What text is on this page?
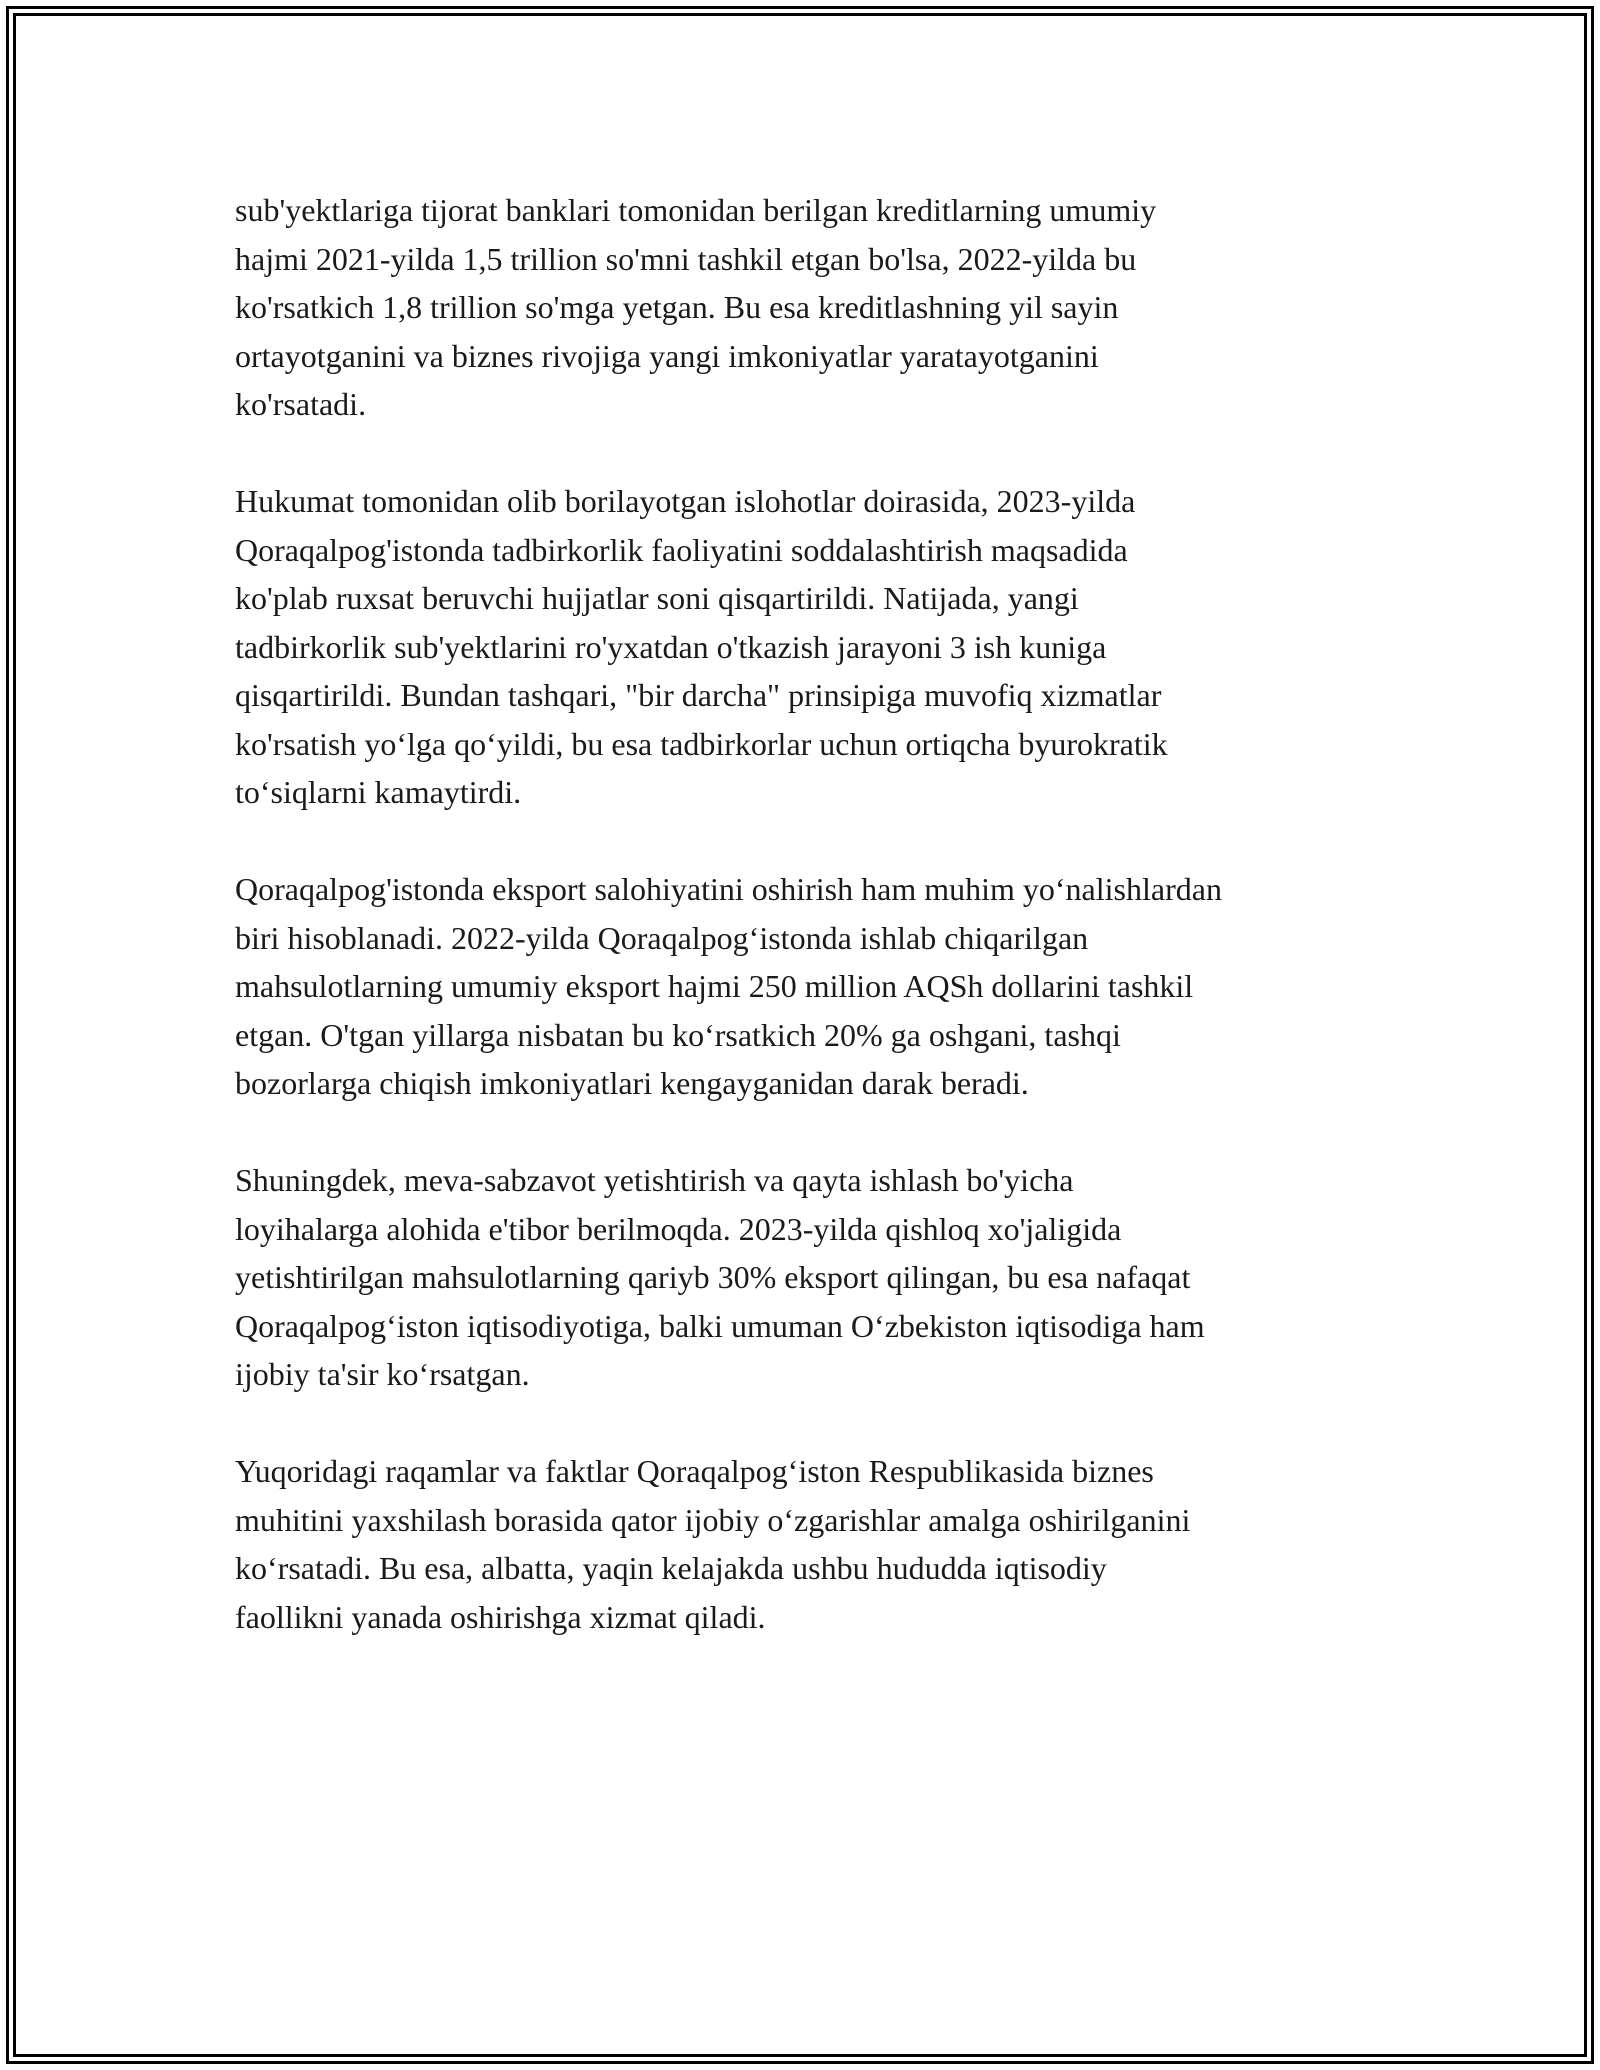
sub'yektlariga tijorat banklari tomonidan berilgan kreditlarning umumiy
hajmi 2021-yilda 1,5 trillion so'mni tashkil etgan bo'lsa, 2022-yilda bu
ko'rsatkich 1,8 trillion so'mga yetgan. Bu esa kreditlashning yil sayin
ortayotganini va biznes rivojiga yangi imkoniyatlar yaratayotganini
ko'rsatadi.

Hukumat tomonidan olib borilayotgan islohotlar doirasida, 2023-yilda
Qoraqalpog'istonda tadbirkorlik faoliyatini soddalashtirish maqsadida
ko'plab ruxsat beruvchi hujjatlar soni qisqartirildi. Natijada, yangi
tadbirkorlik sub'yektlarini ro'yxatdan o'tkazish jarayoni 3 ish kuniga
qisqartirildi. Bundan tashqari, "bir darcha" prinsipiga muvofiq xizmatlar
ko'rsatish yo‘lga qo‘yildi, bu esa tadbirkorlar uchun ortiqcha byurokratik
to‘siqlarni kamaytirdi.

Qoraqalpog'istonda eksport salohiyatini oshirish ham muhim yo‘nalishlardan
biri hisoblanadi. 2022-yilda Qoraqalpog‘istonda ishlab chiqarilgan
mahsulotlarning umumiy eksport hajmi 250 million AQSh dollarini tashkil
etgan. O'tgan yillarga nisbatan bu ko‘rsatkich 20% ga oshgani, tashqi
bozorlarga chiqish imkoniyatlari kengayganidan darak beradi.

Shuningdek, meva-sabzavot yetishtirish va qayta ishlash bo'yicha
loyihalarga alohida e'tibor berilmoqda. 2023-yilda qishloq xo'jaligida
yetishtirilgan mahsulotlarning qariyb 30% eksport qilingan, bu esa nafaqat
Qoraqalpog‘iston iqtisodiyotiga, balki umuman O‘zbekiston iqtisodiga ham
ijobiy ta'sir ko‘rsatgan.

Yuqoridagi raqamlar va faktlar Qoraqalpog‘iston Respublikasida biznes
muhitini yaxshilash borasida qator ijobiy o‘zgarishlar amalga oshirilganini
ko‘rsatadi. Bu esa, albatta, yaqin kelajakda ushbu hududda iqtisodiy
faollikni yanada oshirishga xizmat qiladi.
